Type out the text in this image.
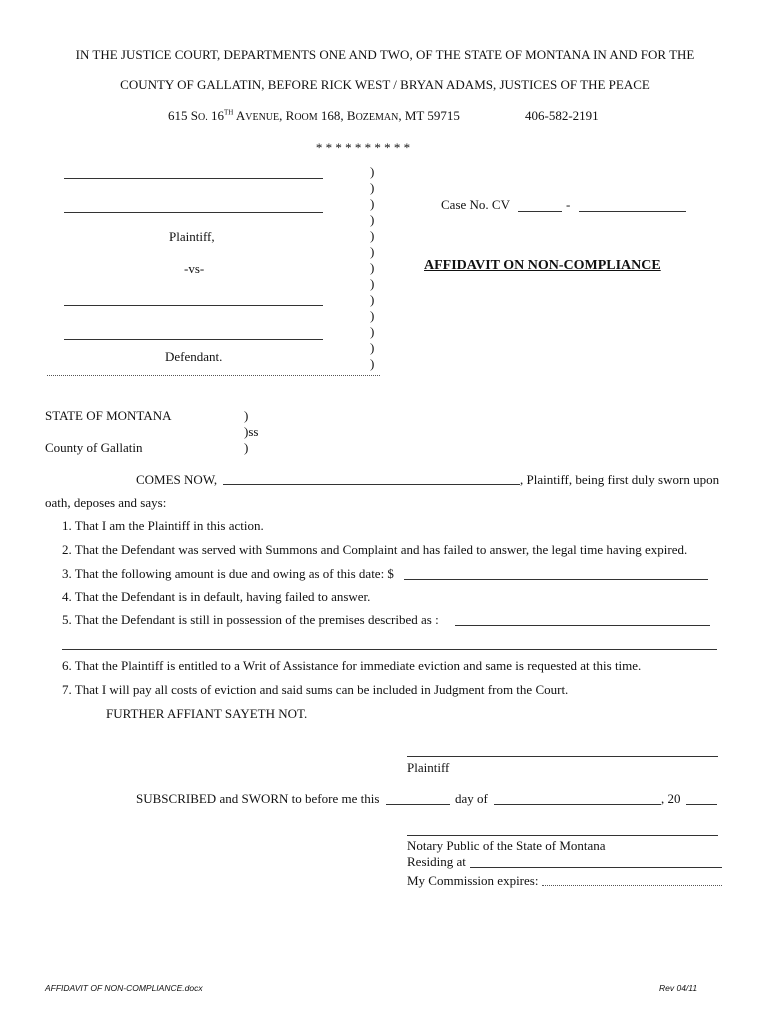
IN THE JUSTICE COURT, DEPARTMENTS ONE AND TWO, OF THE STATE OF MONTANA IN AND FOR THE
COUNTY OF GALLATIN, BEFORE RICK WEST / BRYAN ADAMS, JUSTICES OF THE PEACE
615 SO. 16TH AVENUE, ROOM 168, BOZEMAN, MT 59715	406-582-2191
* * * * * * * * * *
Plaintiff,
-vs-
Defendant.
)
)
)
)
)
)
)
)
)
)
)
)
)
Case No. CV	-
AFFIDAVIT ON NON-COMPLIANCE
STATE OF MONTANA	)
)ss
County of Gallatin	)
COMES NOW,	, Plaintiff, being first duly sworn upon
oath, deposes and says:
1. That I am the Plaintiff in this action.
2. That the Defendant was served with Summons and Complaint and has failed to answer, the legal time having expired.
3. That the following amount is due and owing as of this date: $
4. That the Defendant is in default, having failed to answer.
5. That the Defendant is still in possession of the premises described as :
6. That the Plaintiff is entitled to a Writ of Assistance for immediate eviction and same is requested at this time.
7. That I will pay all costs of eviction and said sums can be included in Judgment from the Court.
FURTHER AFFIANT SAYETH NOT.
Plaintiff
SUBSCRIBED and SWORN to before me this	day of	, 20
Notary Public of the State of Montana
Residing at
My Commission expires:
AFFIDAVIT OF NON-COMPLIANCE.docx	Rev 04/11
